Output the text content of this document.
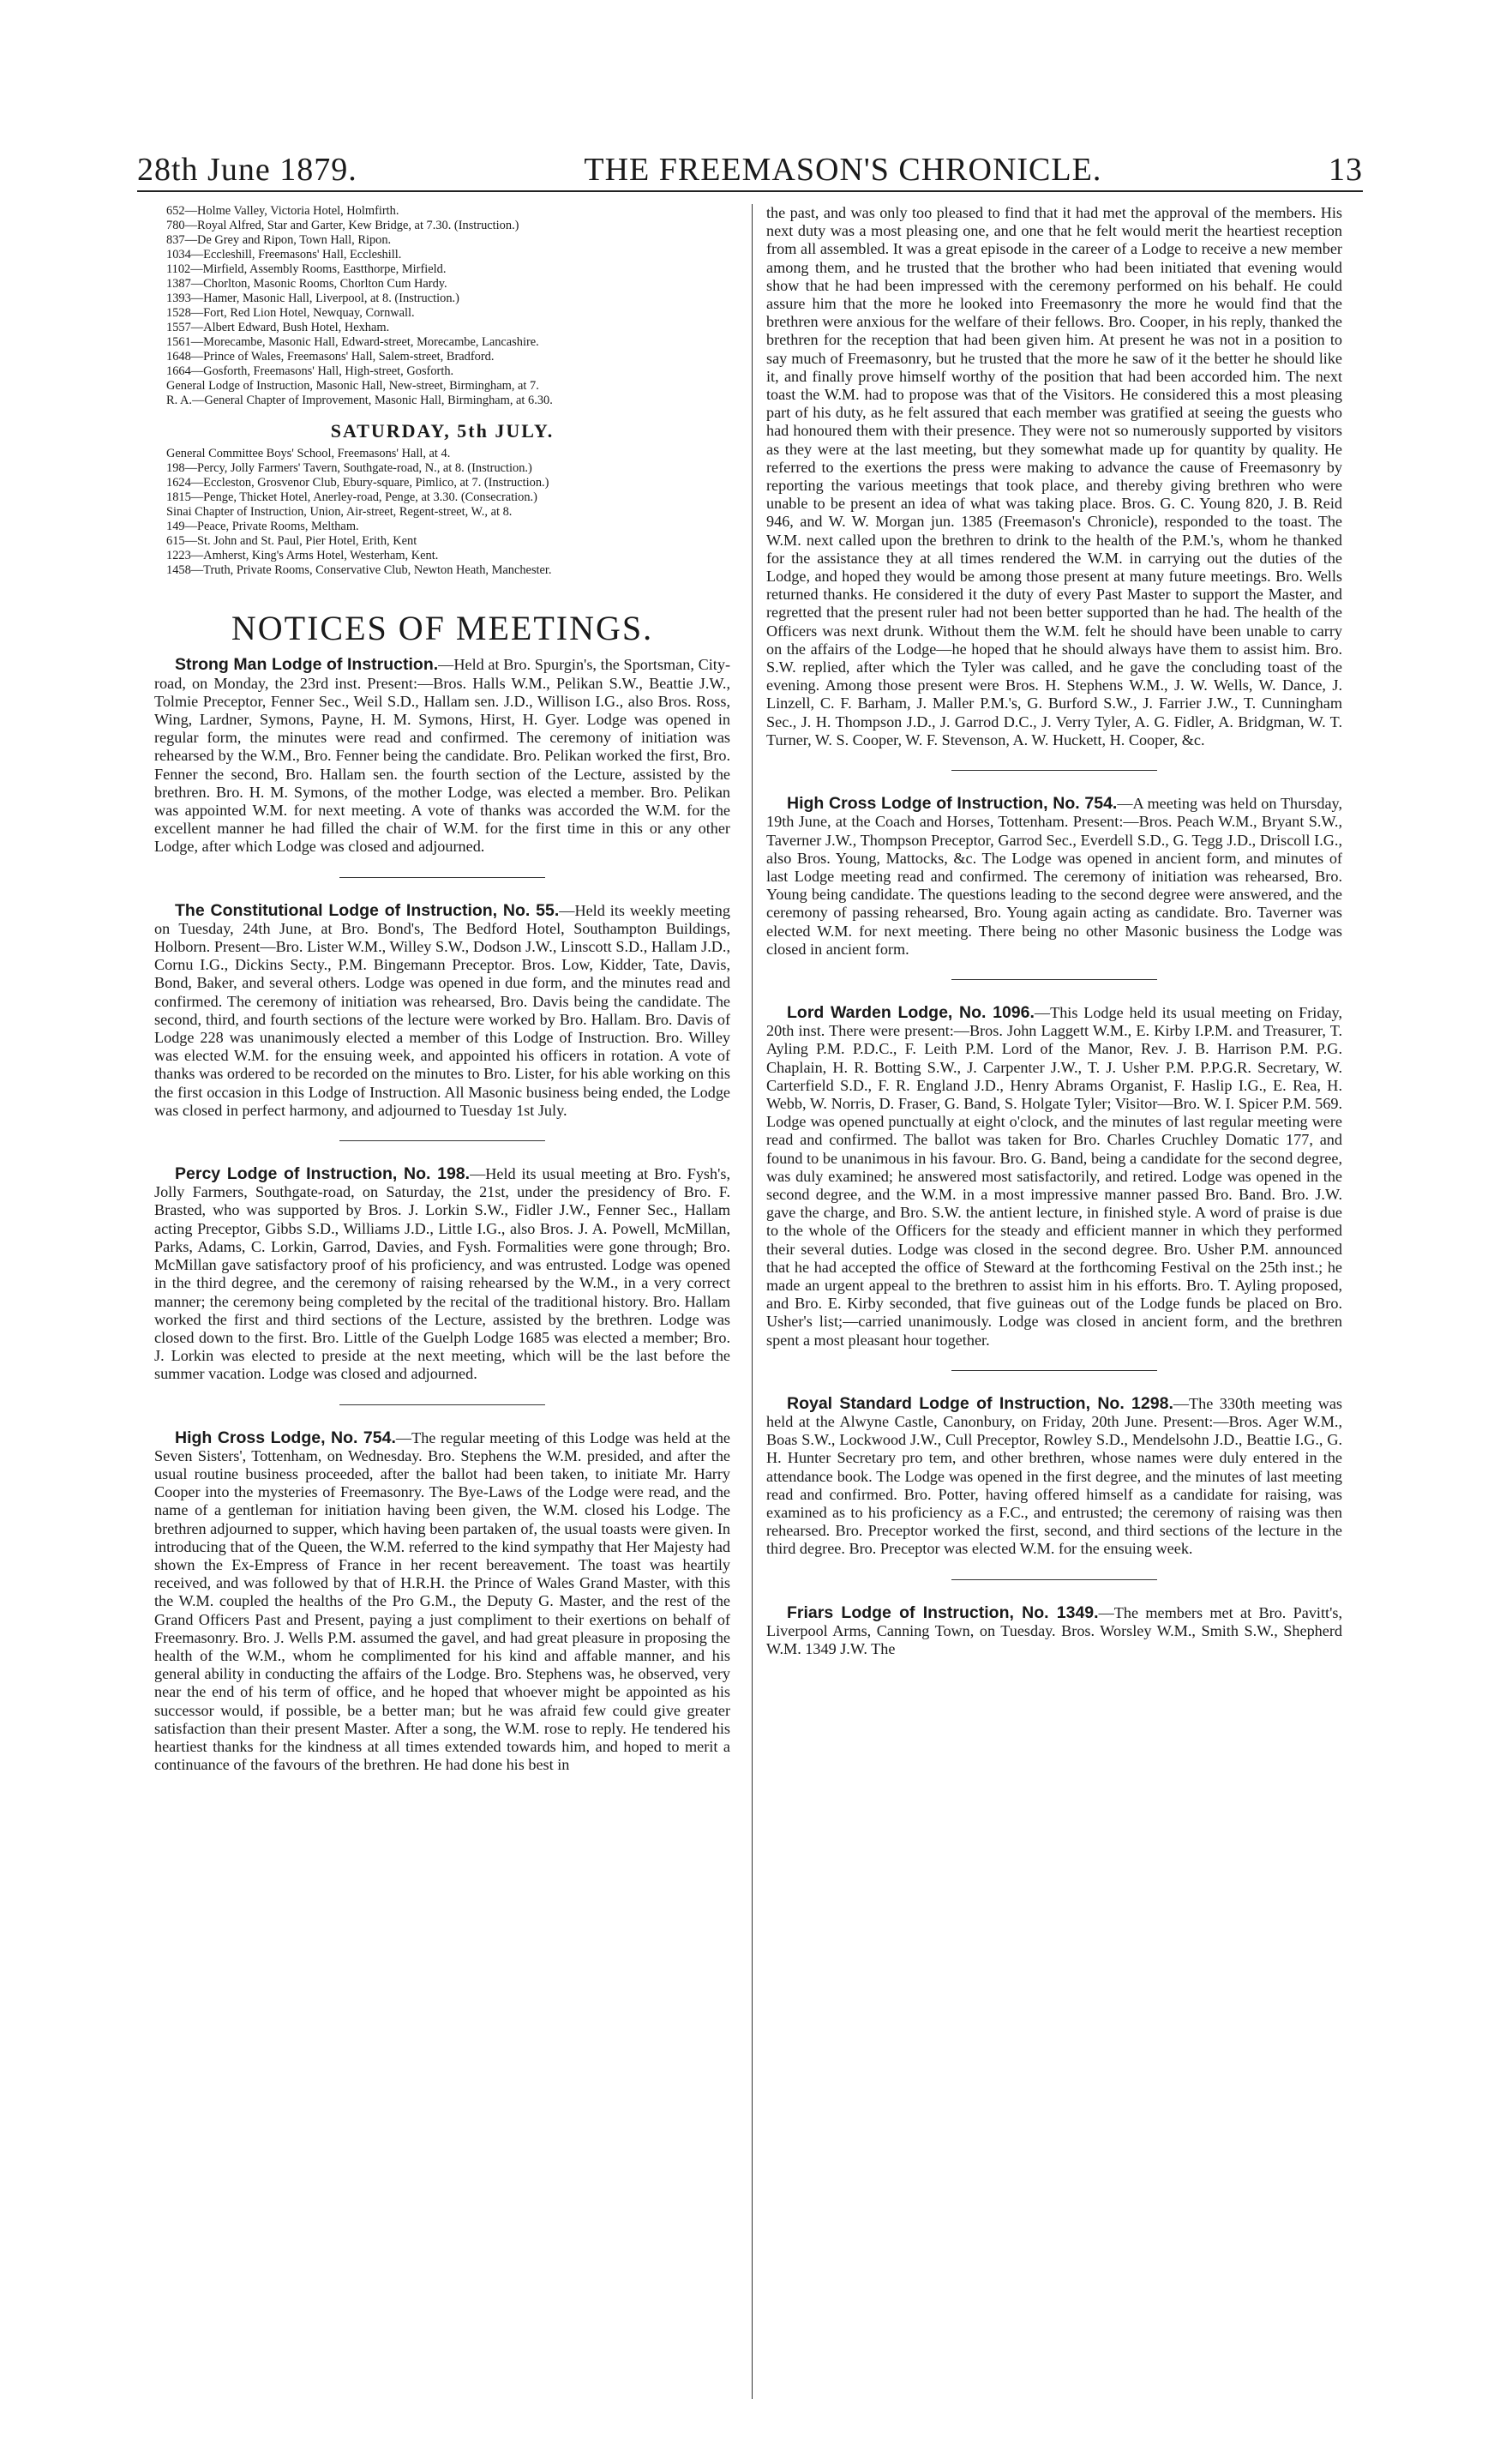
28th June 1879.	THE FREEMASON'S CHRONICLE.	13
652—Holme Valley, Victoria Hotel, Holmfirth.
780—Royal Alfred, Star and Garter, Kew Bridge, at 7.30. (Instruction.)
837—De Grey and Ripon, Town Hall, Ripon.
1034—Eccleshill, Freemasons' Hall, Eccleshill.
1102—Mirfield, Assembly Rooms, Eastthorpe, Mirfield.
1387—Chorlton, Masonic Rooms, Chorlton Cum Hardy.
1393—Hamer, Masonic Hall, Liverpool, at 8. (Instruction.)
1528—Fort, Red Lion Hotel, Newquay, Cornwall.
1557—Albert Edward, Bush Hotel, Hexham.
1561—Morecambe, Masonic Hall, Edward-street, Morecambe, Lancashire.
1648—Prince of Wales, Freemasons' Hall, Salem-street, Bradford.
1664—Gosforth, Freemasons' Hall, High-street, Gosforth.
General Lodge of Instruction, Masonic Hall, New-street, Birmingham, at 7.
R. A.—General Chapter of Improvement, Masonic Hall, Birmingham, at 6.30.
SATURDAY, 5th JULY.
General Committee Boys' School, Freemasons' Hall, at 4.
198—Percy, Jolly Farmers' Tavern, Southgate-road, N., at 8. (Instruction.)
1624—Eccleston, Grosvenor Club, Ebury-square, Pimlico, at 7. (Instruction.)
1815—Penge, Thicket Hotel, Anerley-road, Penge, at 3.30. (Consecration.)
Sinai Chapter of Instruction, Union, Air-street, Regent-street, W., at 8.
149—Peace, Private Rooms, Meltham.
615—St. John and St. Paul, Pier Hotel, Erith, Kent
1223—Amherst, King's Arms Hotel, Westerham, Kent.
1458—Truth, Private Rooms, Conservative Club, Newton Heath, Manchester.
NOTICES OF MEETINGS.

Strong Man Lodge of Instruction.—Held at Bro. Spurgin's, the Sportsman, City-road, on Monday, the 23rd inst. Present:—Bros. Halls W.M., Pelikan S.W., Beattie J.W., Tolmie Preceptor, Fenner Sec., Weil S.D., Hallam sen. J.D., Willison I.G., also Bros. Ross, Wing, Lardner, Symons, Payne, H. M. Symons, Hirst, H. Gyer. Lodge was opened in regular form, the minutes were read and confirmed. The ceremony of initiation was rehearsed by the W.M., Bro. Fenner being the candidate. Bro. Pelikan worked the first, Bro. Fenner the second, Bro. Hallam sen. the fourth section of the Lecture, assisted by the brethren. Bro. H. M. Symons, of the mother Lodge, was elected a member. Bro. Pelikan was appointed W.M. for next meeting. A vote of thanks was accorded the W.M. for the excellent manner he had filled the chair of W.M. for the first time in this or any other Lodge, after which Lodge was closed and adjourned.

The Constitutional Lodge of Instruction, No. 55.—Held its weekly meeting on Tuesday, 24th June, at Bro. Bond's, The Bedford Hotel, Southampton Buildings, Holborn. Present—Bro. Lister W.M., Willey S.W., Dodson J.W., Linscott S.D., Hallam J.D., Cornu I.G., Dickins Secty., P.M. Bingemann Preceptor. Bros. Low, Kidder, Tate, Davis, Bond, Baker, and several others. Lodge was opened in due form, and the minutes read and confirmed. The ceremony of initiation was rehearsed, Bro. Davis being the candidate. The second, third, and fourth sections of the lecture were worked by Bro. Hallam. Bro. Davis of Lodge 228 was unanimously elected a member of this Lodge of Instruction. Bro. Willey was elected W.M. for the ensuing week, and appointed his officers in rotation. A vote of thanks was ordered to be recorded on the minutes to Bro. Lister, for his able working on this the first occasion in this Lodge of Instruction. All Masonic business being ended, the Lodge was closed in perfect harmony, and adjourned to Tuesday 1st July.

Percy Lodge of Instruction, No. 198.—Held its usual meeting at Bro. Fysh's, Jolly Farmers, Southgate-road, on Saturday, the 21st, under the presidency of Bro. F. Brasted, who was supported by Bros. J. Lorkin S.W., Fidler J.W., Fenner Sec., Hallam acting Preceptor, Gibbs S.D., Williams J.D., Little I.G., also Bros. J. A. Powell, McMillan, Parks, Adams, C. Lorkin, Garrod, Davies, and Fysh. Formalities were gone through; Bro. McMillan gave satisfactory proof of his proficiency, and was entrusted. Lodge was opened in the third degree, and the ceremony of raising rehearsed by the W.M., in a very correct manner; the ceremony being completed by the recital of the traditional history. Bro. Hallam worked the first and third sections of the Lecture, assisted by the brethren. Lodge was closed down to the first. Bro. Little of the Guelph Lodge 1685 was elected a member; Bro. J. Lorkin was elected to preside at the next meeting, which will be the last before the summer vacation. Lodge was closed and adjourned.

High Cross Lodge, No. 754.—The regular meeting of this Lodge was held at the Seven Sisters', Tottenham, on Wednesday. Bro. Stephens the W.M. presided, and after the usual routine business proceeded, after the ballot had been taken, to initiate Mr. Harry Cooper into the mysteries of Freemasonry. The Bye-Laws of the Lodge were read, and the name of a gentleman for initiation having been given, the W.M. closed his Lodge. The brethren adjourned to supper, which having been partaken of, the usual toasts were given. In introducing that of the Queen, the W.M. referred to the kind sympathy that Her Majesty had shown the Ex-Empress of France in her recent bereavement. The toast was heartily received, and was followed by that of H.R.H. the Prince of Wales Grand Master, with this the W.M. coupled the healths of the Pro G.M., the Deputy G. Master, and the rest of the Grand Officers Past and Present, paying a just compliment to their exertions on behalf of Freemasonry. Bro. J. Wells P.M. assumed the gavel, and had great pleasure in proposing the health of the W.M., whom he complimented for his kind and affable manner, and his general ability in conducting the affairs of the Lodge. Bro. Stephens was, he observed, very near the end of his term of office, and he hoped that whoever might be appointed as his successor would, if possible, be a better man; but he was afraid few could give greater satisfaction than their present Master. After a song, the W.M. rose to reply. He tendered his heartiest thanks for the kindness at all times extended towards him, and hoped to merit a continuance of the favours of the brethren. He had done his best in

the past, and was only too pleased to find that it had met the approval of the members. His next duty was a most pleasing one, and one that he felt would merit the heartiest reception from all assembled. It was a great episode in the career of a Lodge to receive a new member among them, and he trusted that the brother who had been initiated that evening would show that he had been impressed with the ceremony performed on his behalf. He could assure him that the more he looked into Freemasonry the more he would find that the brethren were anxious for the welfare of their fellows. Bro. Cooper, in his reply, thanked the brethren for the reception that had been given him. At present he was not in a position to say much of Freemasonry, but he trusted that the more he saw of it the better he should like it, and finally prove himself worthy of the position that had been accorded him. The next toast the W.M. had to propose was that of the Visitors. He considered this a most pleasing part of his duty, as he felt assured that each member was gratified at seeing the guests who had honoured them with their presence. They were not so numerously supported by visitors as they were at the last meeting, but they somewhat made up for quantity by quality. He referred to the exertions the press were making to advance the cause of Freemasonry by reporting the various meetings that took place, and thereby giving brethren who were unable to be present an idea of what was taking place. Bros. G. C. Young 820, J. B. Reid 946, and W. W. Morgan jun. 1385 (Freemason's Chronicle), responded to the toast. The W.M. next called upon the brethren to drink to the health of the P.M.'s, whom he thanked for the assistance they at all times rendered the W.M. in carrying out the duties of the Lodge, and hoped they would be among those present at many future meetings. Bro. Wells returned thanks. He considered it the duty of every Past Master to support the Master, and regretted that the present ruler had not been better supported than he had. The health of the Officers was next drunk. Without them the W.M. felt he should have been unable to carry on the affairs of the Lodge—he hoped that he should always have them to assist him. Bro. S.W. replied, after which the Tyler was called, and he gave the concluding toast of the evening. Among those present were Bros. H. Stephens W.M., J. W. Wells, W. Dance, J. Linzell, C. F. Barham, J. Maller P.M.'s, G. Burford S.W., J. Farrier J.W., T. Cunningham Sec., J. H. Thompson J.D., J. Garrod D.C., J. Verry Tyler, A. G. Fidler, A. Bridgman, W. T. Turner, W. S. Cooper, W. F. Stevenson, A. W. Huckett, H. Cooper, &c.

High Cross Lodge of Instruction, No. 754.—A meeting was held on Thursday, 19th June, at the Coach and Horses, Tottenham. Present:—Bros. Peach W.M., Bryant S.W., Taverner J.W., Thompson Preceptor, Garrod Sec., Everdell S.D., G. Tegg J.D., Driscoll I.G., also Bros. Young, Mattocks, &c. The Lodge was opened in ancient form, and minutes of last Lodge meeting read and confirmed. The ceremony of initiation was rehearsed, Bro. Young being candidate. The questions leading to the second degree were answered, and the ceremony of passing rehearsed, Bro. Young again acting as candidate. Bro. Taverner was elected W.M. for next meeting. There being no other Masonic business the Lodge was closed in ancient form.

Lord Warden Lodge, No. 1096.—This Lodge held its usual meeting on Friday, 20th inst. There were present:—Bros. John Laggett W.M., E. Kirby I.P.M. and Treasurer, T. Ayling P.M. P.D.C., F. Leith P.M. Lord of the Manor, Rev. J. B. Harrison P.M. P.G. Chaplain, H. R. Botting S.W., J. Carpenter J.W., T. J. Usher P.M. P.P.G.R. Secretary, W. Carterfield S.D., F. R. England J.D., Henry Abrams Organist, F. Haslip I.G., E. Rea, H. Webb, W. Norris, D. Fraser, G. Band, S. Holgate Tyler; Visitor—Bro. W. I. Spicer P.M. 569. Lodge was opened punctually at eight o'clock, and the minutes of last regular meeting were read and confirmed. The ballot was taken for Bro. Charles Cruchley Domatic 177, and found to be unanimous in his favour. Bro. G. Band, being a candidate for the second degree, was duly examined; he answered most satisfactorily, and retired. Lodge was opened in the second degree, and the W.M. in a most impressive manner passed Bro. Band. Bro. J.W. gave the charge, and Bro. S.W. the antient lecture, in finished style. A word of praise is due to the whole of the Officers for the steady and efficient manner in which they performed their several duties. Lodge was closed in the second degree. Bro. Usher P.M. announced that he had accepted the office of Steward at the forthcoming Festival on the 25th inst.; he made an urgent appeal to the brethren to assist him in his efforts. Bro. T. Ayling proposed, and Bro. E. Kirby seconded, that five guineas out of the Lodge funds be placed on Bro. Usher's list;—carried unanimously. Lodge was closed in ancient form, and the brethren spent a most pleasant hour together.

Royal Standard Lodge of Instruction, No. 1298.—The 330th meeting was held at the Alwyne Castle, Canonbury, on Friday, 20th June. Present:—Bros. Ager W.M., Boas S.W., Lockwood J.W., Cull Preceptor, Rowley S.D., Mendelsohn J.D., Beattie I.G., G. H. Hunter Secretary pro tem, and other brethren, whose names were duly entered in the attendance book. The Lodge was opened in the first degree, and the minutes of last meeting read and confirmed. Bro. Potter, having offered himself as a candidate for raising, was examined as to his proficiency as a F.C., and entrusted; the ceremony of raising was then rehearsed. Bro. Preceptor worked the first, second, and third sections of the lecture in the third degree. Bro. Preceptor was elected W.M. for the ensuing week.

Friars Lodge of Instruction, No. 1349.—The members met at Bro. Pavitt's, Liverpool Arms, Canning Town, on Tuesday. Bros. Worsley W.M., Smith S.W., Shepherd W.M. 1349 J.W. The
